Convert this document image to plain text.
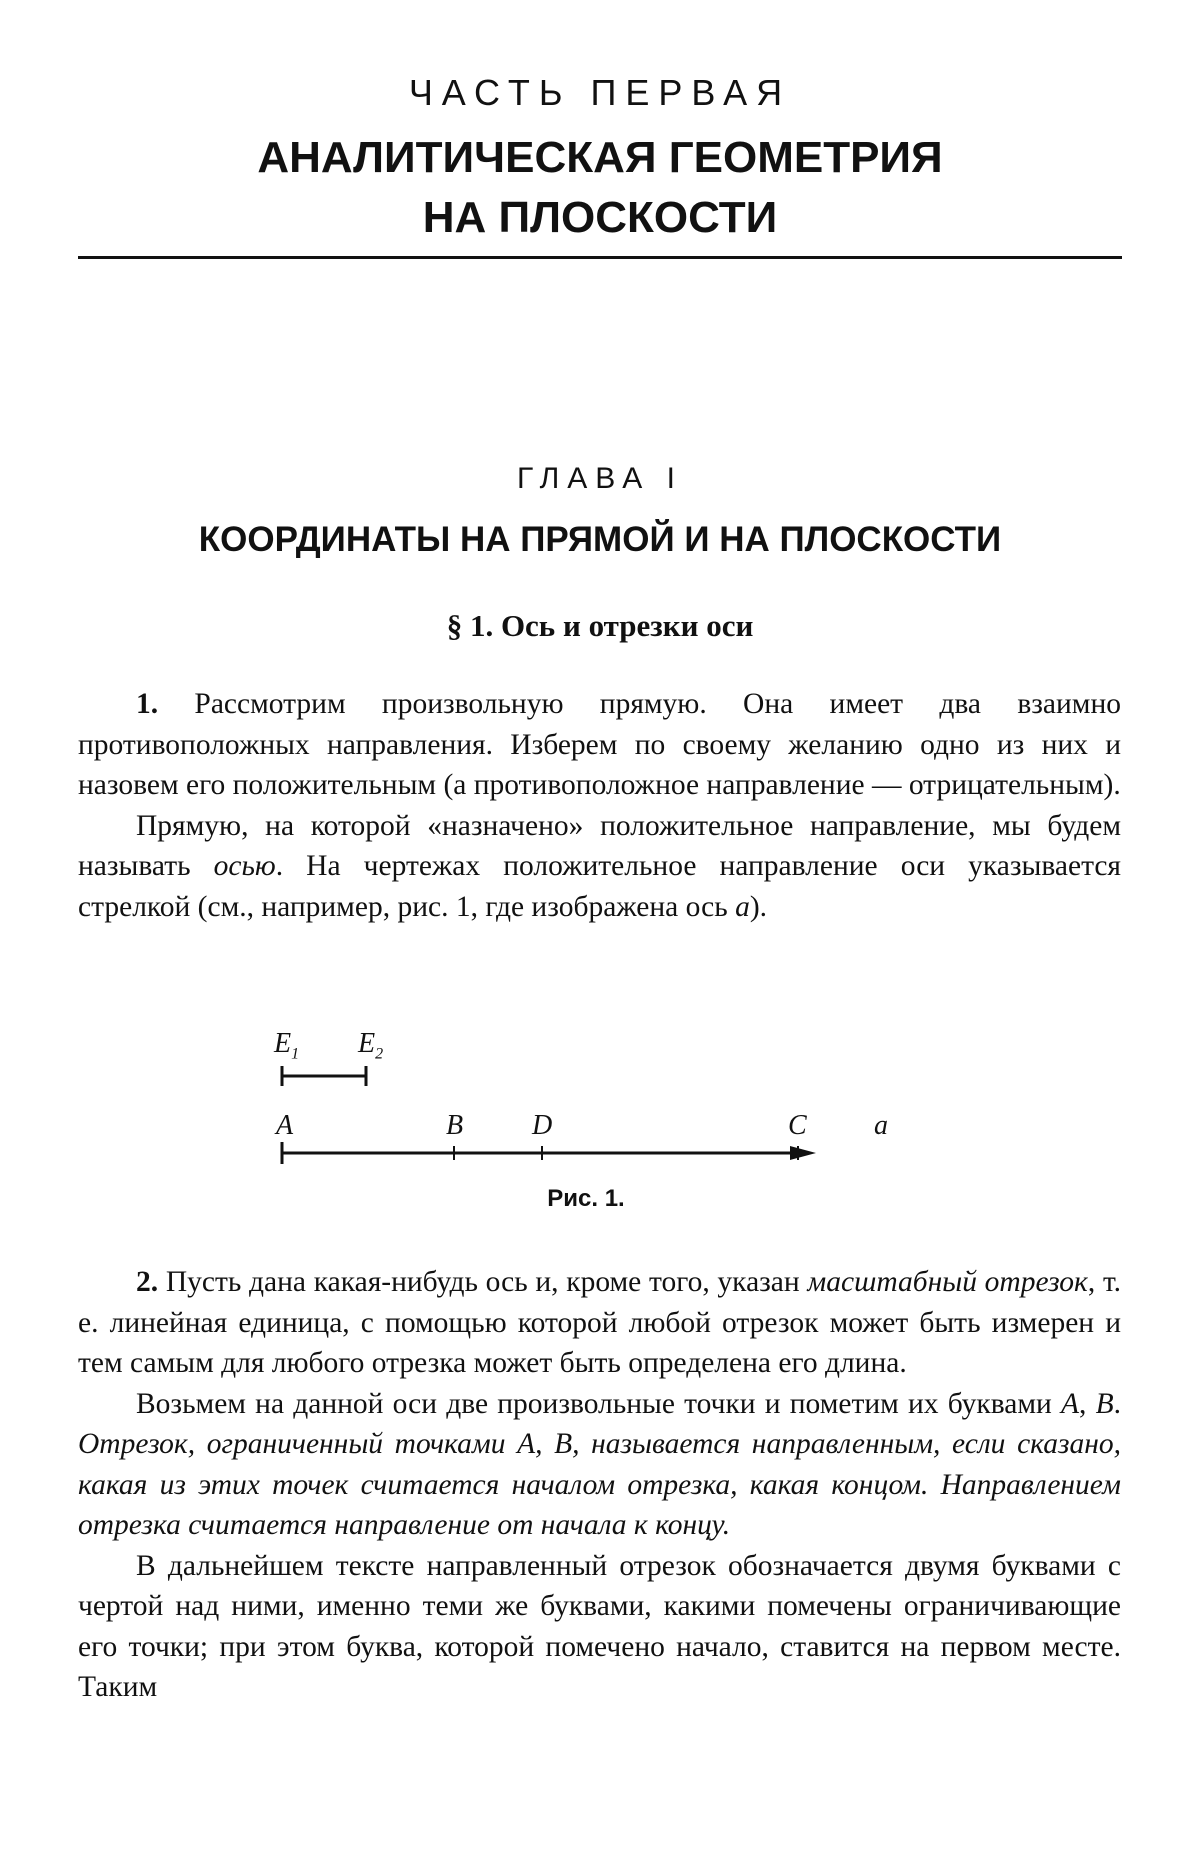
ЧАСТЬ ПЕРВАЯ
АНАЛИТИЧЕСКАЯ ГЕОМЕТРИЯ
НА ПЛОСКОСТИ
ГЛАВА I
КООРДИНАТЫ НА ПРЯМОЙ И НА ПЛОСКОСТИ
§ 1. Ось и отрезки оси

1. Рассмотрим произвольную прямую. Она имеет два взаимно противоположных направления. Изберем по своему желанию одно из них и назовем его положительным (а противоположное направление — отрицательным).

Прямую, на которой «назначено» положительное направление, мы будем называть осью. На чертежах положительное направление оси указывается стрелкой (см., например, рис. 1, где изображена ось a).

$E_1$ $E_2$
A	B D	C a
Рис. 1.

2. Пусть дана какая-нибудь ось и, кроме того, указан масштабный отрезок, т. е. линейная единица, с помощью которой любой отрезок может быть измерен и тем самым для любого отрезка может быть определена его длина.

Возьмем на данной оси две произвольные точки и пометим их буквами A, B. Отрезок, ограниченный точками A, B, называется направленным, если сказано, какая из этих точек считается началом отрезка, какая концом. Направлением отрезка считается направление от начала к концу.

В дальнейшем тексте направленный отрезок обозначается двумя буквами с чертой над ними, именно теми же буквами, какими помечены ограничивающие его точки; при этом буква, которой помечено начало, ставится на первом месте. Таким
